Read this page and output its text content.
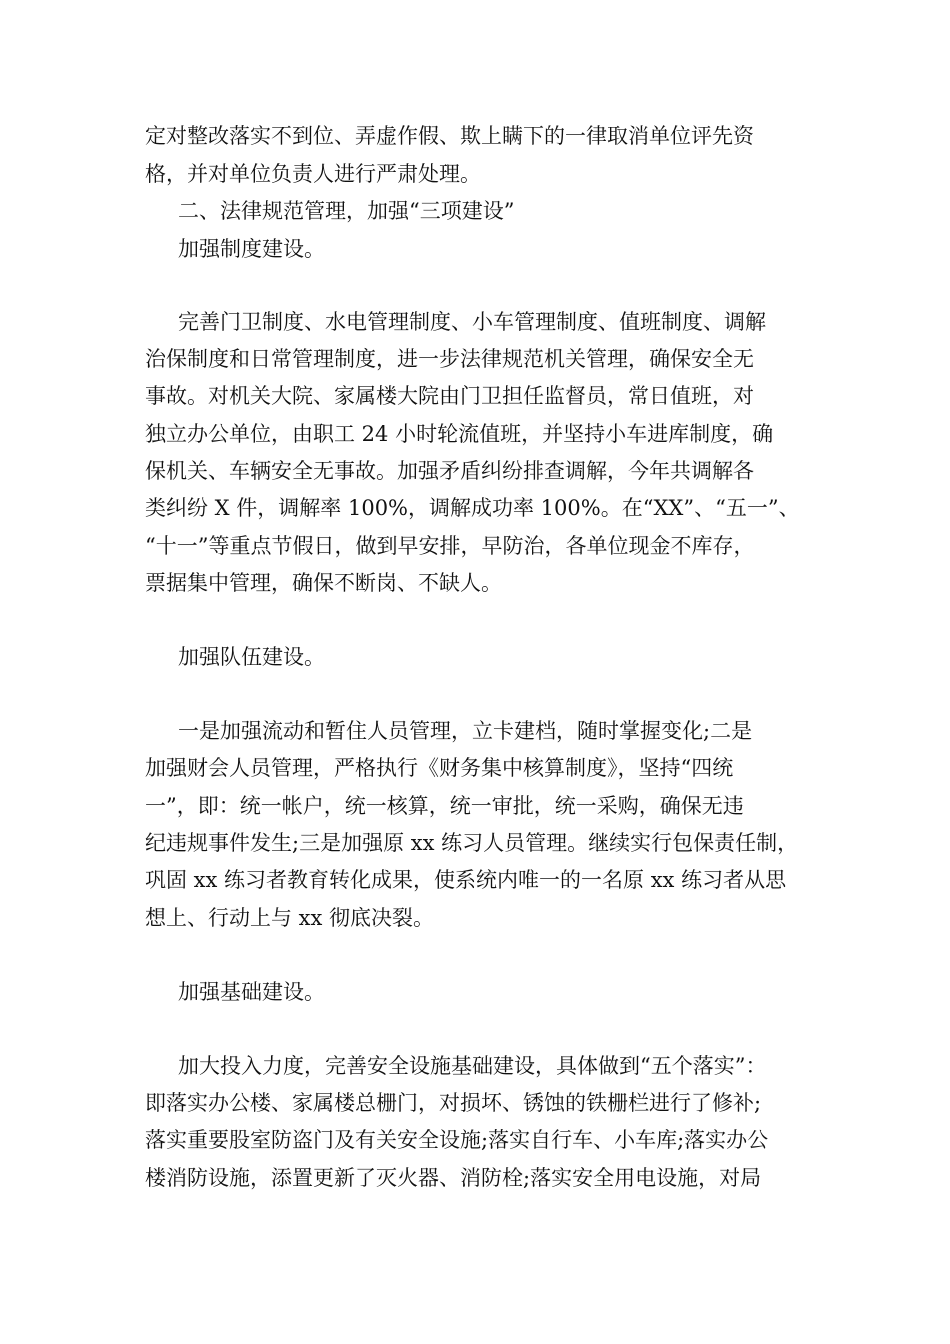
定对整改落实不到位、弄虚作假、欺上瞒下的一律取消单位评先资
格，并对单位负责人进行严肃处理。
二、法律规范管理，加强“三项建设”
加强制度建设。
完善门卫制度、水电管理制度、小车管理制度、值班制度、调解
治保制度和日常管理制度，进一步法律规范机关管理，确保安全无
事故。对机关大院、家属楼大院由门卫担任监督员，常日值班，对
独立办公单位，由职工 24 小时轮流值班，并坚持小车进库制度，确
保机关、车辆安全无事故。加强矛盾纠纷排查调解，今年共调解各
类纠纷 X 件，调解率 100%，调解成功率 100%。在“XX”、“五一”、
“十一”等重点节假日，做到早安排，早防治，各单位现金不库存，
票据集中管理，确保不断岗、不缺人。
加强队伍建设。
一是加强流动和暂住人员管理，立卡建档，随时掌握变化;二是
加强财会人员管理，严格执行《财务集中核算制度》，坚持“四统
一”，即：统一帐户，统一核算，统一审批，统一采购，确保无违
纪违规事件发生;三是加强原 xx 练习人员管理。继续实行包保责任制，
巩固 xx 练习者教育转化成果，使系统内唯一的一名原 xx 练习者从思
想上、行动上与 xx 彻底决裂。
加强基础建设。
加大投入力度，完善安全设施基础建设，具体做到“五个落实”：
即落实办公楼、家属楼总栅门，对损坏、锈蚀的铁栅栏进行了修补;
落实重要股室防盗门及有关安全设施;落实自行车、小车库;落实办公
楼消防设施，添置更新了灭火器、消防栓;落实安全用电设施，对局
